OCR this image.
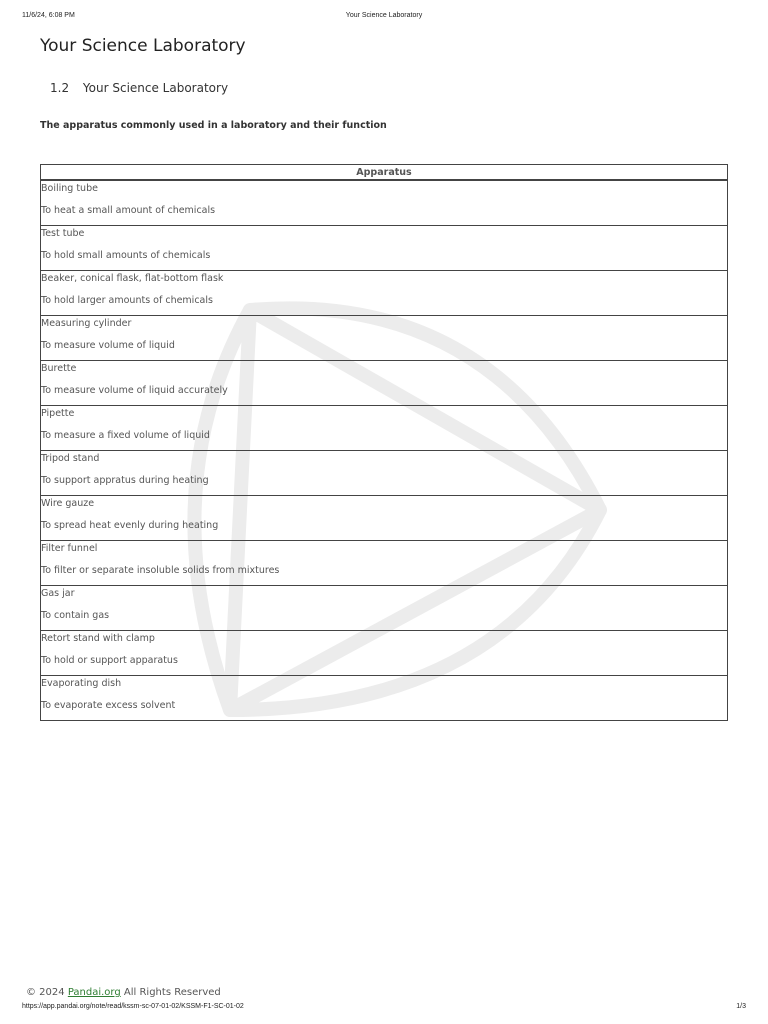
11/6/24, 6:08 PM	Your Science Laboratory
Your Science Laboratory
1.2 Your Science Laboratory
The apparatus commonly used in a laboratory and their function
Apparatus

Boiling tube
To heat a small amount of chemicals

Test tube
To hold small amounts of chemicals

Beaker, conical flask, flat-bottom flask
To hold larger amounts of chemicals

Measuring cylinder
To measure volume of liquid

Burette
To measure volume of liquid accurately

Pipette
To measure a fixed volume of liquid

Tripod stand
To support appratus during heating

Wire gauze
To spread heat evenly during heating

Filter funnel
To filter or separate insoluble solids from mixtures

Gas jar
To contain gas

Retort stand with clamp
To hold or support apparatus

Evaporating dish
To evaporate excess solvent
© 2024 Pandai.org All Rights Reserved
https://app.pandai.org/note/read/kssm-sc-07-01-02/KSSM-F1-SC-01-02	1/3
